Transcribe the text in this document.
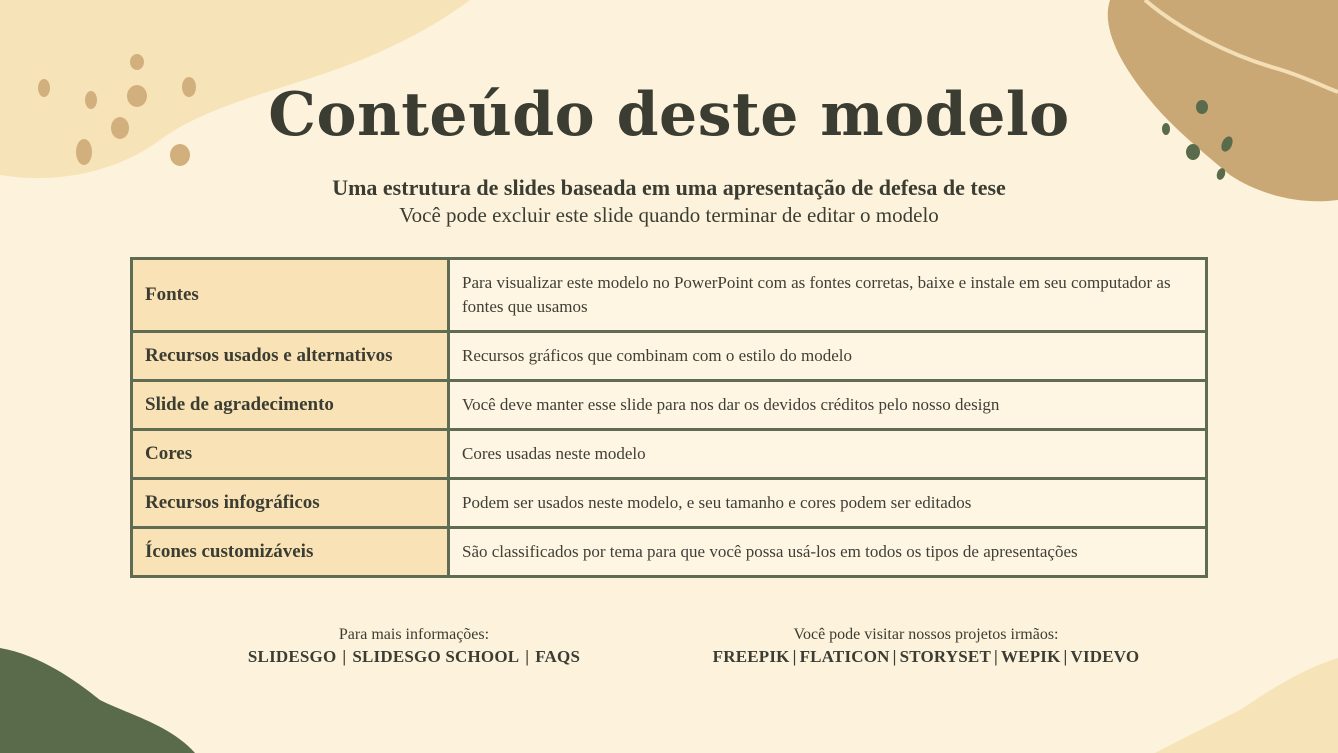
Conteúdo deste modelo
Uma estrutura de slides baseada em uma apresentação de defesa de tese
Você pode excluir este slide quando terminar de editar o modelo
Fontes	Para visualizar este modelo no PowerPoint com as fontes corretas, baixe e instale em seu computador as fontes que usamos
Recursos usados e alternativos	Recursos gráficos que combinam com o estilo do modelo
Slide de agradecimento	Você deve manter esse slide para nos dar os devidos créditos pelo nosso design
Cores	Cores usadas neste modelo
Recursos infográficos	Podem ser usados neste modelo, e seu tamanho e cores podem ser editados
Ícones customizáveis	São classificados por tema para que você possa usá-los em todos os tipos de apresentações
Para mais informações:
SLIDESGO | SLIDESGO SCHOOL | FAQS
Você pode visitar nossos projetos irmãos:
FREEPIK | FLATICON | STORYSET | WEPIK | VIDEVO
